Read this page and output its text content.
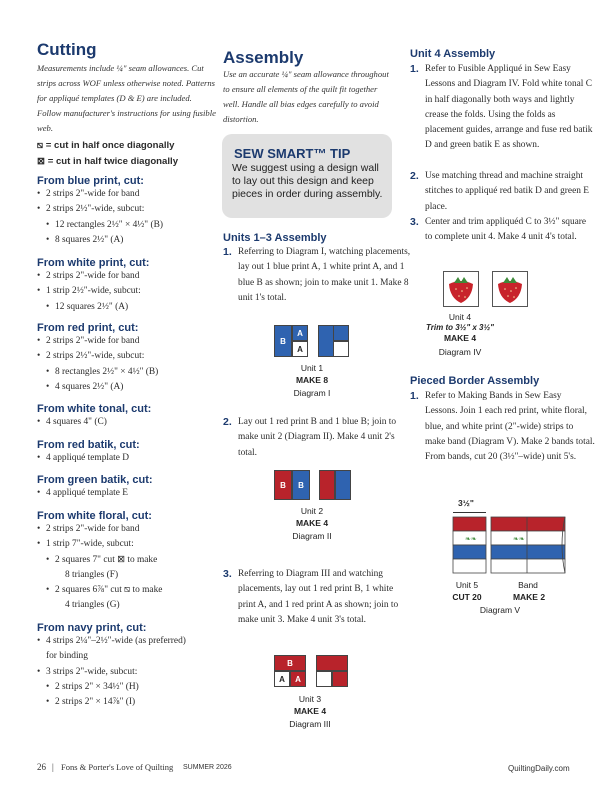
Cutting
Measurements include ¼" seam allowances. Cut strips across WOF unless otherwise noted. Patterns for appliqué templates (D & E) are included. Follow manufacturer's instructions for using fusible web.
⧅ = cut in half once diagonally
⊠ = cut in half twice diagonally
From blue print, cut:
• 2 strips 2"-wide for band
• 2 strips 2½"-wide, subcut:
• 12 rectangles 2½" × 4½" (B)
• 8 squares 2½" (A)
From white print, cut:
• 2 strips 2"-wide for band
• 1 strip 2½"-wide, subcut:
• 12 squares 2½" (A)
From red print, cut:
• 2 strips 2"-wide for band
• 2 strips 2½"-wide, subcut:
• 8 rectangles 2½" × 4½" (B)
• 4 squares 2½" (A)
From white tonal, cut:
• 4 squares 4" (C)
From red batik, cut:
• 4 appliqué template D
From green batik, cut:
• 4 appliqué template E
From white floral, cut:
• 2 strips 2"-wide for band
• 1 strip 7"-wide, subcut:
• 2 squares 7" cut ⊠ to make
8 triangles (F)
• 2 squares 6⅞" cut ⧅ to make
4 triangles (G)
From navy print, cut:
• 4 strips 2¼"–2½"-wide (as preferred)
for binding
• 3 strips 2"-wide, subcut:
• 2 strips 2" × 34½" (H)
• 2 strips 2" × 14⅞" (I)
Assembly
Use an accurate ¼" seam allowance throughout to ensure all elements of the quilt fit together well. Handle all bias edges carefully to avoid distortion.
SEW SMART™ TIP
We suggest using a design wall to lay out this design and keep pieces in order during assembly.
Units 1–3 Assembly
1. Referring to Diagram I, watching placements, lay out 1 blue print A, 1 white print A, and 1 blue B as shown; join to make unit 1. Make 8 unit 1's total.
B
A
A
Unit 1
MAKE 8
Diagram I
2. Lay out 1 red print B and 1 blue B; join to make unit 2 (Diagram II). Make 4 unit 2's total.
B B
Unit 2
MAKE 4
Diagram II
3. Referring to Diagram III and watching placements, lay out 1 red print B, 1 white print A, and 1 red print A as shown; join to make unit 3. Make 4 unit 3's total.
B
A A
Unit 3
MAKE 4
Diagram III
Unit 4 Assembly
1. Refer to Fusible Appliqué in Sew Easy Lessons and Diagram IV. Fold white tonal C in half diagonally both ways and lightly crease the folds. Using the folds as placement guides, arrange and fuse red batik D and green batik E as shown.
2. Use matching thread and machine straight stitches to appliqué red batik D and green E place.
3. Center and trim appliquéd C to 3½" square to complete unit 4. Make 4 unit 4's total.
Unit 4
Trim to 3½" x 3½"
MAKE 4
Diagram IV
Pieced Border Assembly
1. Refer to Making Bands in Sew Easy Lessons. Join 1 each red print, white floral, blue, and white print (2"-wide) strips to make band (Diagram V). Make 2 bands total. From bands, cut 20 (3½"–wide) unit 5's.
3½"
❧❧	❧❧
Unit 5
CUT 20
Band
MAKE 2
Diagram V
26 | Fons & Porter's Love of Quilting SUMMER 2026	QuiltingDaily.com
